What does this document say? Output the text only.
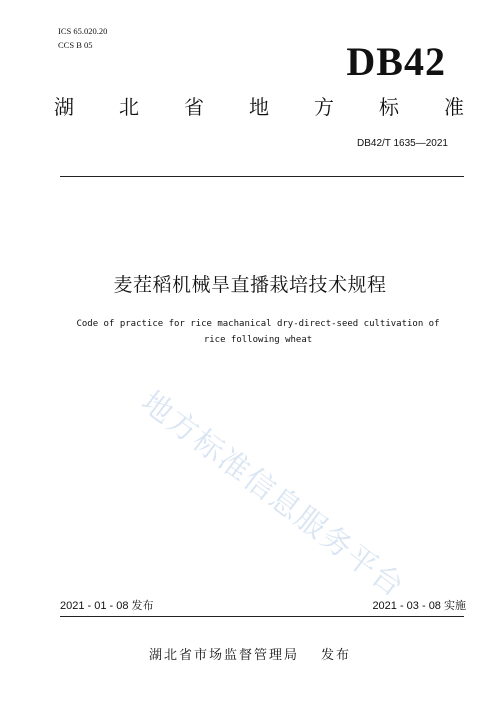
ICS 65.020.20
CCS B 05	DB42
湖 北 省 地 方 标 准
DB42/T 1635—2021
麦茬稻机械旱直播栽培技术规程
Code of practice for rice machanical dry-direct-seed cultivation of
rice following wheat
地方标准信息服务平台
2021 - 01 - 08 发布	2021 - 03 - 08 实施
湖北省市场监督管理局 发布
